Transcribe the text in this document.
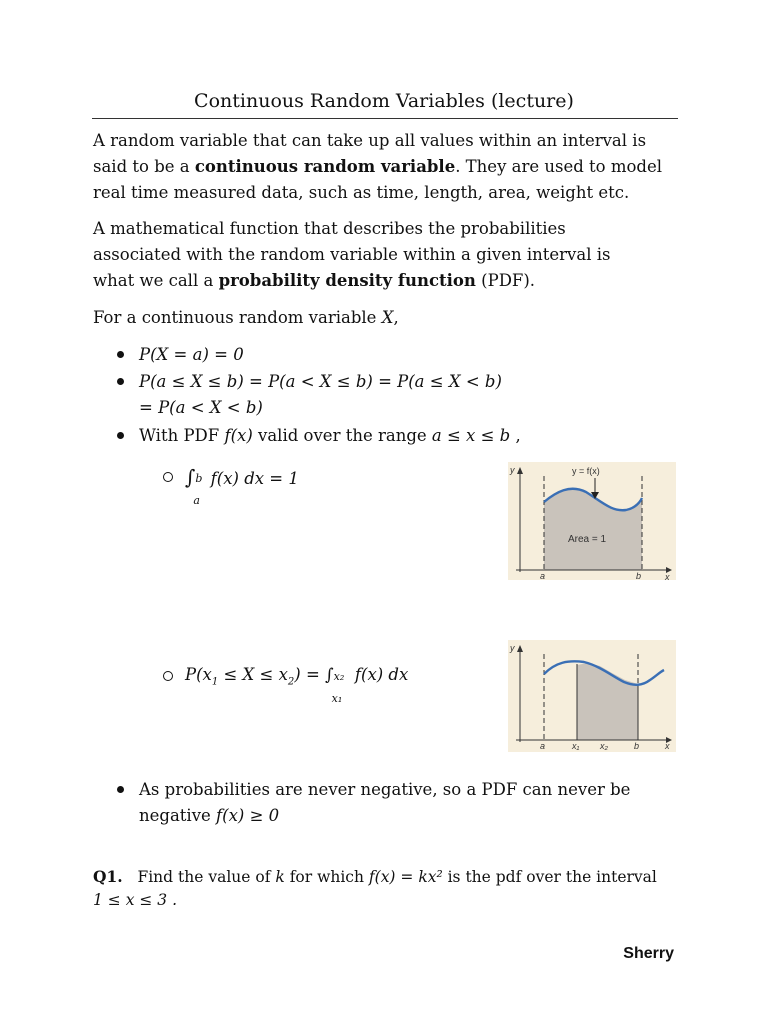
Continuous Random Variables (lecture)
A random variable that can take up all values within an interval is
said to be a continuous random variable. They are used to model
real time measured data, such as time, length, area, weight etc.
A mathematical function that describes the probabilities
associated with the random variable within a given interval is
what we call a probability density function (PDF).
For a continuous random variable X,
P(X = a) = 0
P(a ≤ X ≤ b) = P(a < X ≤ b) = P(a ≤ X < b)
= P(a < X < b)
With PDF f(x) valid over the range a ≤ x ≤ b ,
∫ b
a
f(x) dx = 1	y
x
a	b
y = f(x)
Area = 1
$P(x_1 \le X \le x_2)$ = ∫ x₂
x₁
f(x) dx
y
x
a	x₁ x₂	b
As probabilities are never negative, so a PDF can never be
negative f(x) ≥ 0
Q1. Find the value of k for which f(x) = kx² is the pdf over the interval
1 ≤ x ≤ 3 .
Sherry
